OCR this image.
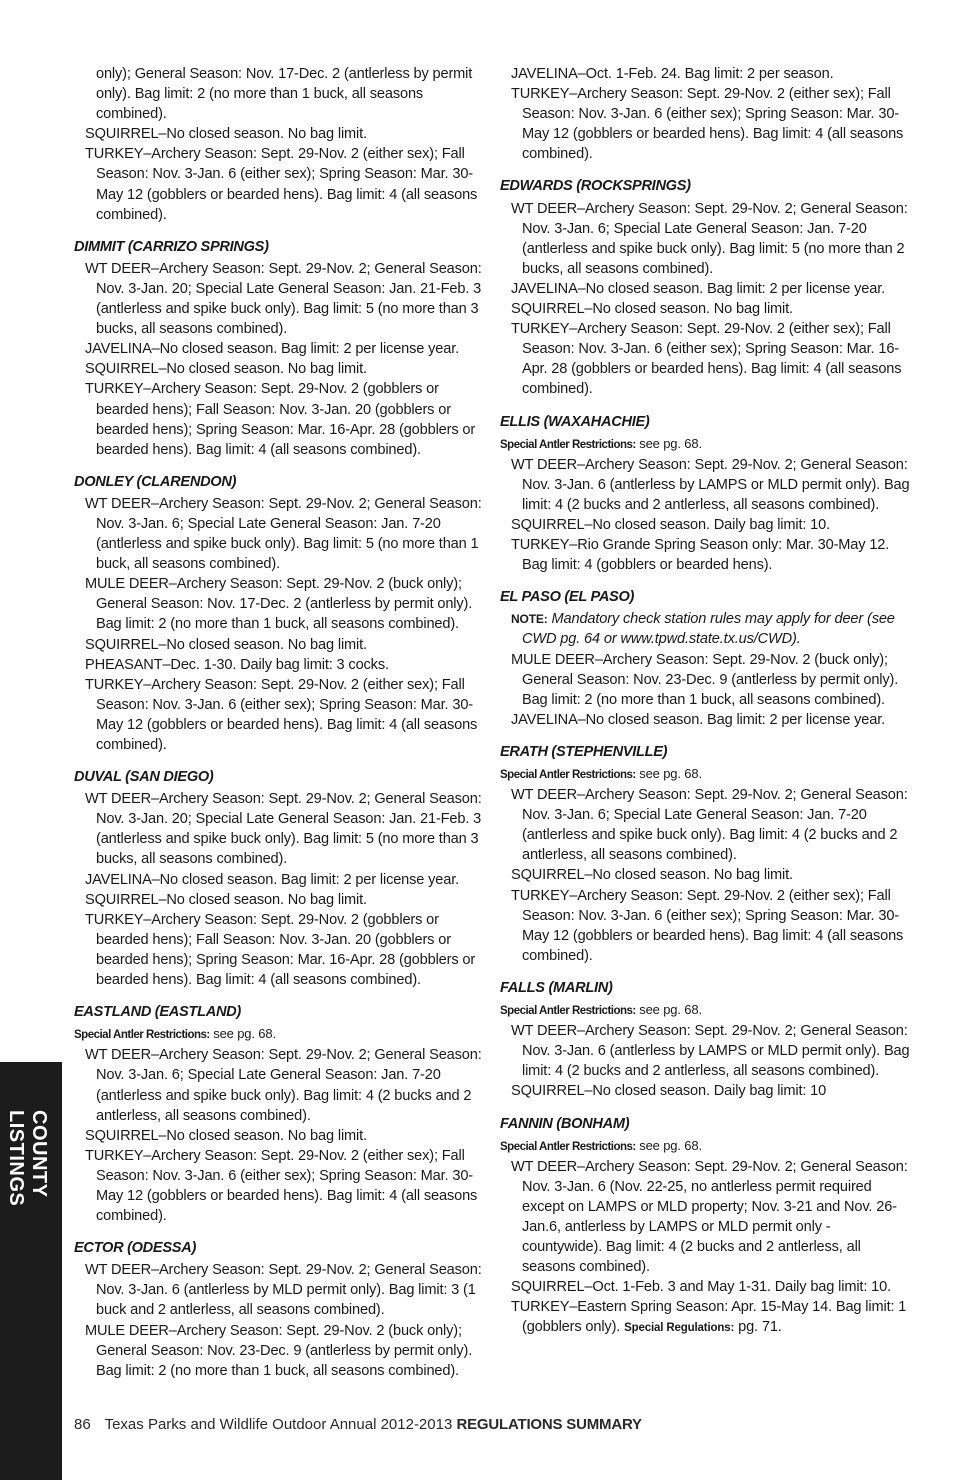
only); General Season: Nov. 17-Dec. 2 (antlerless by permit only). Bag limit: 2 (no more than 1 buck, all seasons combined).

SQUIRREL–No closed season. No bag limit.

TURKEY–Archery Season: Sept. 29-Nov. 2 (either sex); Fall Season: Nov. 3-Jan. 6 (either sex); Spring Season: Mar. 30-May 12 (gobblers or bearded hens). Bag limit: 4 (all seasons combined).

DIMMIT (CARRIZO SPRINGS)

WT DEER–Archery Season: Sept. 29-Nov. 2; General Season: Nov. 3-Jan. 20; Special Late General Season: Jan. 21-Feb. 3 (antlerless and spike buck only). Bag limit: 5 (no more than 3 bucks, all seasons combined).

JAVELINA–No closed season. Bag limit: 2 per license year.

SQUIRREL–No closed season. No bag limit.

TURKEY–Archery Season: Sept. 29-Nov. 2 (gobblers or bearded hens); Fall Season: Nov. 3-Jan. 20 (gobblers or bearded hens); Spring Season: Mar. 16-Apr. 28 (gobblers or bearded hens). Bag limit: 4 (all seasons combined).

DONLEY (CLARENDON)

WT DEER–Archery Season: Sept. 29-Nov. 2; General Season: Nov. 3-Jan. 6; Special Late General Season: Jan. 7-20 (antlerless and spike buck only). Bag limit: 5 (no more than 1 buck, all seasons combined).

MULE DEER–Archery Season: Sept. 29-Nov. 2 (buck only); General Season: Nov. 17-Dec. 2 (antlerless by permit only). Bag limit: 2 (no more than 1 buck, all seasons combined).

SQUIRREL–No closed season. No bag limit.

PHEASANT–Dec. 1-30. Daily bag limit: 3 cocks.

TURKEY–Archery Season: Sept. 29-Nov. 2 (either sex); Fall Season: Nov. 3-Jan. 6 (either sex); Spring Season: Mar. 30-May 12 (gobblers or bearded hens). Bag limit: 4 (all seasons combined).

DUVAL (SAN DIEGO)

WT DEER–Archery Season: Sept. 29-Nov. 2; General Season: Nov. 3-Jan. 20; Special Late General Season: Jan. 21-Feb. 3 (antlerless and spike buck only). Bag limit: 5 (no more than 3 bucks, all seasons combined).

JAVELINA–No closed season. Bag limit: 2 per license year.

SQUIRREL–No closed season. No bag limit.

TURKEY–Archery Season: Sept. 29-Nov. 2 (gobblers or bearded hens); Fall Season: Nov. 3-Jan. 20 (gobblers or bearded hens); Spring Season: Mar. 16-Apr. 28 (gobblers or bearded hens). Bag limit: 4 (all seasons combined).

EASTLAND (EASTLAND)

Special Antler Restrictions: see pg. 68.

WT DEER–Archery Season: Sept. 29-Nov. 2; General Season: Nov. 3-Jan. 6; Special Late General Season: Jan. 7-20 (antlerless and spike buck only). Bag limit: 4 (2 bucks and 2 antlerless, all seasons combined).

SQUIRREL–No closed season. No bag limit.

TURKEY–Archery Season: Sept. 29-Nov. 2 (either sex); Fall Season: Nov. 3-Jan. 6 (either sex); Spring Season: Mar. 30-May 12 (gobblers or bearded hens). Bag limit: 4 (all seasons combined).

ECTOR (ODESSA)

WT DEER–Archery Season: Sept. 29-Nov. 2; General Season: Nov. 3-Jan. 6 (antlerless by MLD permit only). Bag limit: 3 (1 buck and 2 antlerless, all seasons combined).

MULE DEER–Archery Season: Sept. 29-Nov. 2 (buck only); General Season: Nov. 23-Dec. 9 (antlerless by permit only). Bag limit: 2 (no more than 1 buck, all seasons combined).

JAVELINA–Oct. 1-Feb. 24. Bag limit: 2 per season.

TURKEY–Archery Season: Sept. 29-Nov. 2 (either sex); Fall Season: Nov. 3-Jan. 6 (either sex); Spring Season: Mar. 30-May 12 (gobblers or bearded hens). Bag limit: 4 (all seasons combined).

EDWARDS (ROCKSPRINGS)

WT DEER–Archery Season: Sept. 29-Nov. 2; General Season: Nov. 3-Jan. 6; Special Late General Season: Jan. 7-20 (antlerless and spike buck only). Bag limit: 5 (no more than 2 bucks, all seasons combined).

JAVELINA–No closed season. Bag limit: 2 per license year.

SQUIRREL–No closed season. No bag limit.

TURKEY–Archery Season: Sept. 29-Nov. 2 (either sex); Fall Season: Nov. 3-Jan. 6 (either sex); Spring Season: Mar. 16-Apr. 28 (gobblers or bearded hens). Bag limit: 4 (all seasons combined).

ELLIS (WAXAHACHIE)

Special Antler Restrictions: see pg. 68.

WT DEER–Archery Season: Sept. 29-Nov. 2; General Season: Nov. 3-Jan. 6 (antlerless by LAMPS or MLD permit only). Bag limit: 4 (2 bucks and 2 antlerless, all seasons combined).

SQUIRREL–No closed season. Daily bag limit: 10.

TURKEY–Rio Grande Spring Season only: Mar. 30-May 12. Bag limit: 4 (gobblers or bearded hens).

EL PASO (EL PASO)

NOTE: Mandatory check station rules may apply for deer (see CWD pg. 64 or www.tpwd.state.tx.us/CWD).

MULE DEER–Archery Season: Sept. 29-Nov. 2 (buck only); General Season: Nov. 23-Dec. 9 (antlerless by permit only). Bag limit: 2 (no more than 1 buck, all seasons combined).

JAVELINA–No closed season. Bag limit: 2 per license year.

ERATH (STEPHENVILLE)

Special Antler Restrictions: see pg. 68.

WT DEER–Archery Season: Sept. 29-Nov. 2; General Season: Nov. 3-Jan. 6; Special Late General Season: Jan. 7-20 (antlerless and spike buck only). Bag limit: 4 (2 bucks and 2 antlerless, all seasons combined).

SQUIRREL–No closed season. No bag limit.

TURKEY–Archery Season: Sept. 29-Nov. 2 (either sex); Fall Season: Nov. 3-Jan. 6 (either sex); Spring Season: Mar. 30-May 12 (gobblers or bearded hens). Bag limit: 4 (all seasons combined).

FALLS (MARLIN)

Special Antler Restrictions: see pg. 68.

WT DEER–Archery Season: Sept. 29-Nov. 2; General Season: Nov. 3-Jan. 6 (antlerless by LAMPS or MLD permit only). Bag limit: 4 (2 bucks and 2 antlerless, all seasons combined).

SQUIRREL–No closed season. Daily bag limit: 10

FANNIN (BONHAM)

Special Antler Restrictions: see pg. 68.

WT DEER–Archery Season: Sept. 29-Nov. 2; General Season: Nov. 3-Jan. 6 (Nov. 22-25, no antlerless permit required except on LAMPS or MLD property; Nov. 3-21 and Nov. 26-Jan.6, antlerless by LAMPS or MLD permit only - countywide). Bag limit: 4 (2 bucks and 2 antlerless, all seasons combined).

SQUIRREL–Oct. 1-Feb. 3 and May 1-31. Daily bag limit: 10.

TURKEY–Eastern Spring Season: Apr. 15-May 14. Bag limit: 1 (gobblers only). Special Regulations: pg. 71.

COUNTY LISTINGS
86 Texas Parks and Wildlife Outdoor Annual 2012-2013 REGULATIONS SUMMARY
